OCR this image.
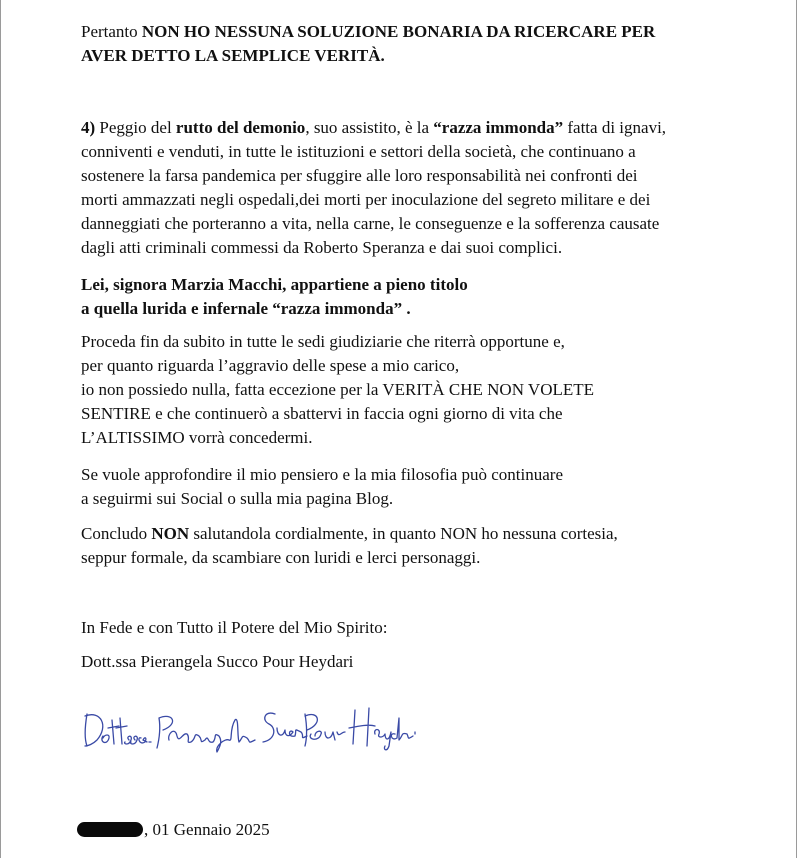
Pertanto NON HO NESSUNA SOLUZIONE BONARIA DA RICERCARE PER
AVER DETTO LA SEMPLICE VERITÀ.
4) Peggio del rutto del demonio, suo assistito, è la “razza immonda” fatta di ignavi,
conniventi e venduti, in tutte le istituzioni e settori della società, che continuano a
sostenere la farsa pandemica per sfuggire alle loro responsabilità nei confronti dei
morti ammazzati negli ospedali,dei morti per inoculazione del segreto militare e dei
danneggiati che porteranno a vita, nella carne, le conseguenze e la sofferenza causate
dagli atti criminali commessi da Roberto Speranza e dai suoi complici.
Lei, signora Marzia Macchi, appartiene a pieno titolo
a quella lurida e infernale “razza immonda” .
Proceda fin da subito in tutte le sedi giudiziarie che riterrà opportune e,
per quanto riguarda l’aggravio delle spese a mio carico,
io non possiedo nulla, fatta eccezione per la VERITÀ CHE NON VOLETE
SENTIRE e che continuerò a sbattervi in faccia ogni giorno di vita che
L’ALTISSIMO vorrà concedermi.
Se vuole approfondire il mio pensiero e la mia filosofia può continuare
a seguirmi sui Social o sulla mia pagina Blog.
Concludo NON salutandola cordialmente, in quanto NON ho nessuna cortesia,
seppur formale, da scambiare con luridi e lerci personaggi.
In Fede e con Tutto il Potere del Mio Spirito:
Dott.ssa Pierangela Succo Pour Heydari
, 01 Gennaio 2025
